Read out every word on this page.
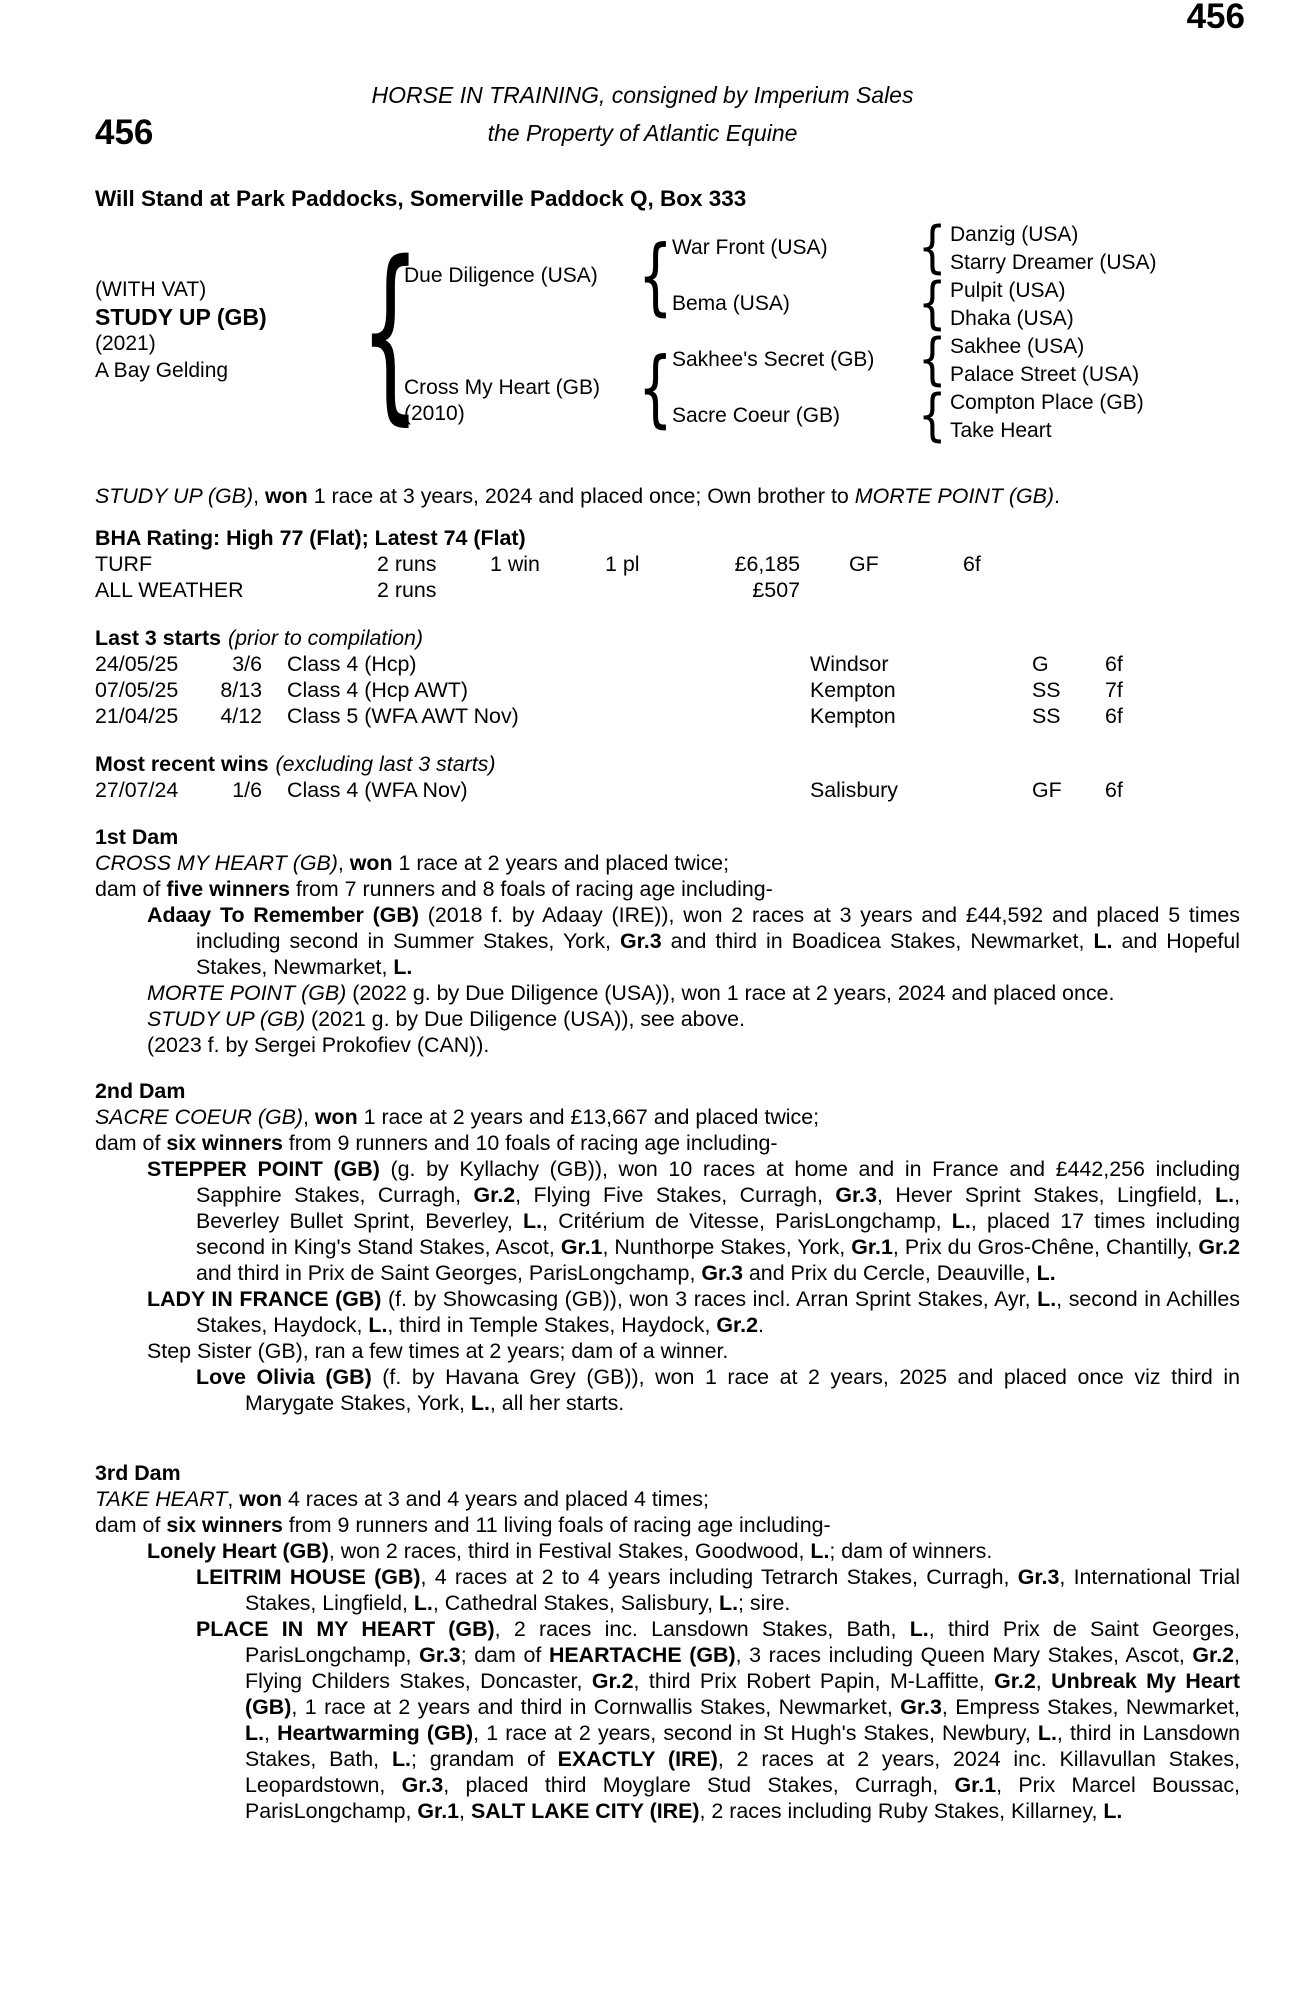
HORSE IN TRAINING, consigned by Imperium Sales
456	the Property of Atlantic Equine
456
Will Stand at Park Paddocks, Somerville Paddock Q, Box 333
(WITH VAT)
STUDY UP (GB)
(2021)
A Bay Gelding
{
Due Diligence (USA)
Cross My Heart (GB)
(2010)
{
{
War Front (USA)
Bema (USA)
Sakhee's Secret (GB)
Sacre Coeur (GB)
{
{
{
{
Danzig (USA)
Starry Dreamer (USA)
Pulpit (USA)
Dhaka (USA)
Sakhee (USA)
Palace Street (USA)
Compton Place (GB)
Take Heart

STUDY UP (GB), won 1 race at 3 years, 2024 and placed once; Own brother to MORTE POINT (GB).

BHA Rating: High 77 (Flat); Latest 74 (Flat)
TURF	2 runs	1 win	1 pl	£6,185 GF	6f
ALL WEATHER	2 runs	£507
Last 3 starts (prior to compilation)
24/05/25	3/6 Class 4 (Hcp)	Windsor	G	6f
07/05/25	8/13 Class 4 (Hcp AWT)	Kempton	SS 7f
21/04/25	4/12 Class 5 (WFA AWT Nov)	Kempton	SS 6f
Most recent wins (excluding last 3 starts)
27/07/24	1/6 Class 4 (WFA Nov)	Salisbury	GF 6f
1st Dam

CROSS MY HEART (GB), won 1 race at 2 years and placed twice;

dam of five winners from 7 runners and 8 foals of racing age including-

Adaay To Remember (GB) (2018 f. by Adaay (IRE)), won 2 races at 3 years and £44,592 and placed 5 times including second in Summer Stakes, York, Gr.3 and third in Boadicea Stakes, Newmarket, L. and Hopeful Stakes, Newmarket, L.

MORTE POINT (GB) (2022 g. by Due Diligence (USA)), won 1 race at 2 years, 2024 and placed once.

STUDY UP (GB) (2021 g. by Due Diligence (USA)), see above.

(2023 f. by Sergei Prokofiev (CAN)).

2nd Dam

SACRE COEUR (GB), won 1 race at 2 years and £13,667 and placed twice;

dam of six winners from 9 runners and 10 foals of racing age including-

STEPPER POINT (GB) (g. by Kyllachy (GB)), won 10 races at home and in France and £442,256 including Sapphire Stakes, Curragh, Gr.2, Flying Five Stakes, Curragh, Gr.3, Hever Sprint Stakes, Lingfield, L., Beverley Bullet Sprint, Beverley, L., Critérium de Vitesse, ParisLongchamp, L., placed 17 times including second in King's Stand Stakes, Ascot, Gr.1, Nunthorpe Stakes, York, Gr.1, Prix du Gros-Chêne, Chantilly, Gr.2 and third in Prix de Saint Georges, ParisLongchamp, Gr.3 and Prix du Cercle, Deauville, L.

LADY IN FRANCE (GB) (f. by Showcasing (GB)), won 3 races incl. Arran Sprint Stakes, Ayr, L., second in Achilles Stakes, Haydock, L., third in Temple Stakes, Haydock, Gr.2.

Step Sister (GB), ran a few times at 2 years; dam of a winner.

Love Olivia (GB) (f. by Havana Grey (GB)), won 1 race at 2 years, 2025 and placed once viz third in Marygate Stakes, York, L., all her starts.

3rd Dam

TAKE HEART, won 4 races at 3 and 4 years and placed 4 times;

dam of six winners from 9 runners and 11 living foals of racing age including-

Lonely Heart (GB), won 2 races, third in Festival Stakes, Goodwood, L.; dam of winners.

LEITRIM HOUSE (GB), 4 races at 2 to 4 years including Tetrarch Stakes, Curragh, Gr.3, International Trial Stakes, Lingfield, L., Cathedral Stakes, Salisbury, L.; sire.

PLACE IN MY HEART (GB), 2 races inc. Lansdown Stakes, Bath, L., third Prix de Saint Georges, ParisLongchamp, Gr.3; dam of HEARTACHE (GB), 3 races including Queen Mary Stakes, Ascot, Gr.2, Flying Childers Stakes, Doncaster, Gr.2, third Prix Robert Papin, M-Laffitte, Gr.2, Unbreak My Heart (GB), 1 race at 2 years and third in Cornwallis Stakes, Newmarket, Gr.3, Empress Stakes, Newmarket, L., Heartwarming (GB), 1 race at 2 years, second in St Hugh's Stakes, Newbury, L., third in Lansdown Stakes, Bath, L.; grandam of EXACTLY (IRE), 2 races at 2 years, 2024 inc. Killavullan Stakes, Leopardstown, Gr.3, placed third Moyglare Stud Stakes, Curragh, Gr.1, Prix Marcel Boussac, ParisLongchamp, Gr.1, SALT LAKE CITY (IRE), 2 races including Ruby Stakes, Killarney, L.
